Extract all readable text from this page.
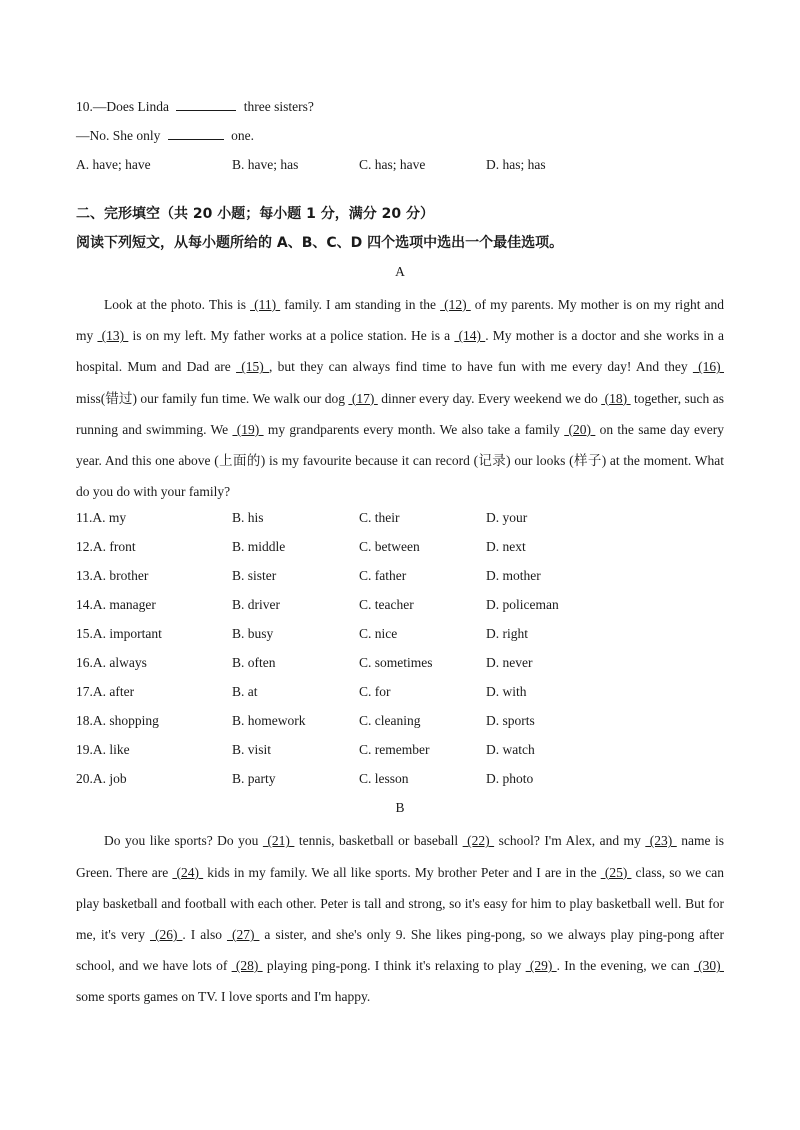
10.—Does Linda	three sisters?
—No. She only	one.
A. have; have	B. have; has	C. has; have	D. has; has
二、完形填空（共 20 小题；每小题 1 分，满分 20 分）
阅读下列短文，从每小题所给的 A、B、C、D 四个选项中选出一个最佳选项。
A
Look at the photo. This is  (11)  family. I am standing in the  (12)  of my parents. My mother is on my right and my  (13)  is on my left. My father works at a police station. He is a  (14) . My mother is a doctor and she works in a hospital. Mum and Dad are  (15) , but they can always find time to have fun with me every day! And they  (16)  miss(错过) our family fun time. We walk our dog  (17)  dinner every day. Every weekend we do  (18)  together, such as running and swimming. We  (19)  my grandparents every month. We also take a family  (20)  on the same day every year. And this one above (上面的) is my favourite because it can record (记录) our looks (样子) at the moment. What do you do with your family?
11.A. my	B. his	C. their	D. your
12.A. front	B. middle	C. between	D. next
13.A. brother	B. sister	C. father	D. mother
14.A. manager	B. driver	C. teacher	D. policeman
15.A. important	B. busy	C. nice	D. right
16.A. always	B. often	C. sometimes	D. never
17.A. after	B. at	C. for	D. with
18.A. shopping	B. homework	C. cleaning	D. sports
19.A. like	B. visit	C. remember	D. watch
20.A. job	B. party	C. lesson	D. photo
B
Do you like sports? Do you  (21)  tennis, basketball or baseball  (22)  school? I'm Alex, and my  (23)  name is Green. There are  (24)  kids in my family. We all like sports. My brother Peter and I are in the  (25)  class, so we can play basketball and football with each other. Peter is tall and strong, so it's easy for him to play basketball well. But for me, it's very  (26) . I also  (27)  a sister, and she's only 9. She likes ping-pong, so we always play ping-pong after school, and we have lots of  (28)  playing ping-pong. I think it's relaxing to play  (29) . In the evening, we can  (30)  some sports games on TV. I love sports and I'm happy.
